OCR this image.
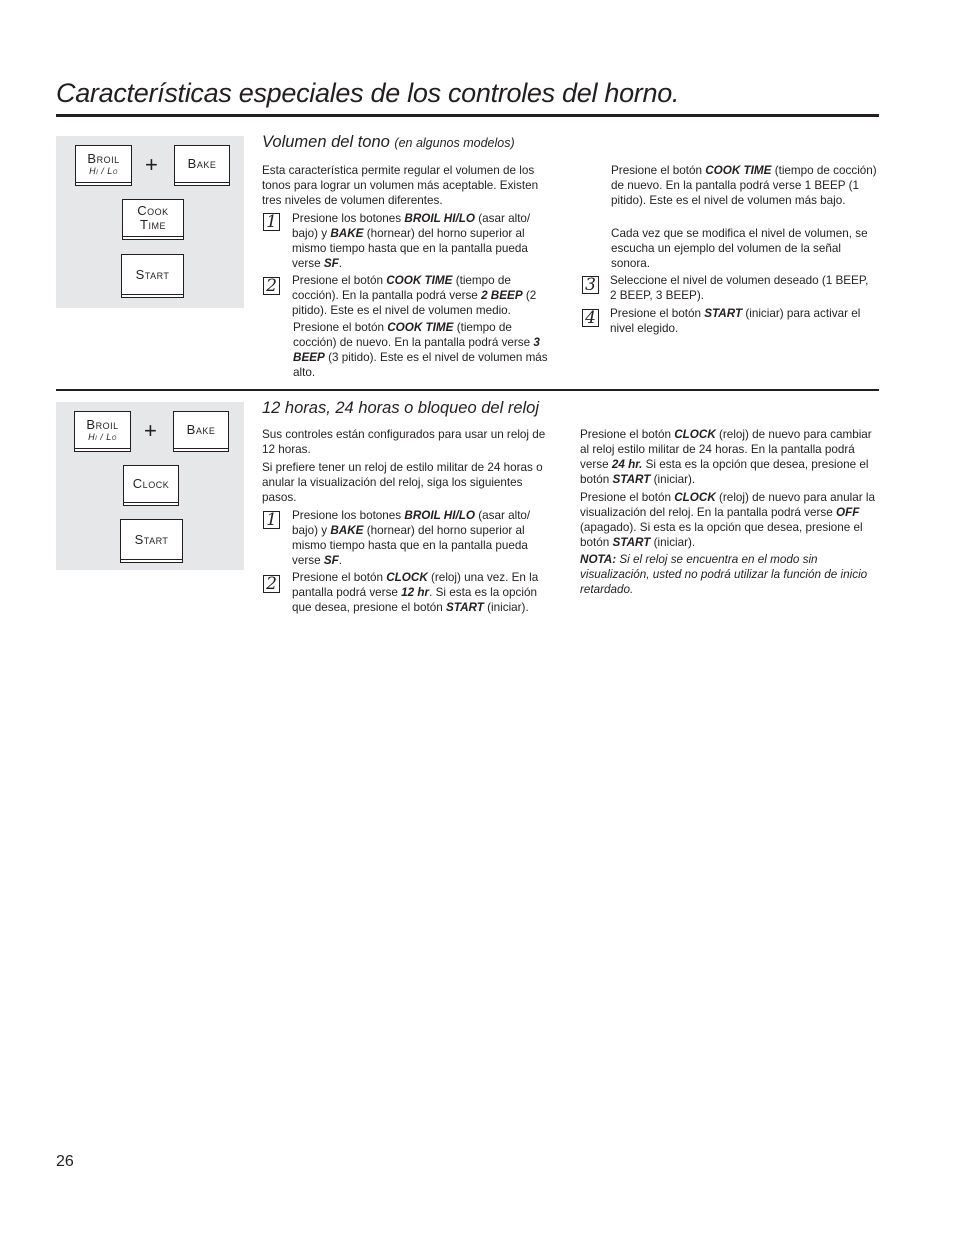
Características especiales de los controles del horno.
Broil
Hi / Lo + Bake
Cook
Time
Start
Volumen del tono (en algunos modelos)

Esta característica permite regular el volumen de los tonos para lograr un volumen más aceptable. Existen tres niveles de volumen diferentes.

1 Presione los botones BROIL HI/LO (asar alto/ bajo) y BAKE (hornear) del horno superior al mismo tiempo hasta que en la pantalla pueda verse SF.

2 Presione el botón COOK TIME (tiempo de cocción). En la pantalla podrá verse 2 BEEP (2 pitido). Este es el nivel de volumen medio.

Presione el botón COOK TIME (tiempo de cocción) de nuevo. En la pantalla podrá verse 3 BEEP (3 pitido). Este es el nivel de volumen más alto.

Presione el botón COOK TIME (tiempo de cocción) de nuevo. En la pantalla podrá verse 1 BEEP (1 pitido). Este es el nivel de volumen más bajo.

Cada vez que se modifica el nivel de volumen, se escucha un ejemplo del volumen de la señal sonora.

3 Seleccione el nivel de volumen deseado (1 BEEP, 2 BEEP, 3 BEEP).

4 Presione el botón START (iniciar) para activar el nivel elegido.

Broil
Hi / Lo + Bake
Clock
Start
12 horas, 24 horas o bloqueo del reloj

Sus controles están configurados para usar un reloj de 12 horas.

Si prefiere tener un reloj de estilo militar de 24 horas o anular la visualización del reloj, siga los siguientes pasos.

1 Presione los botones BROIL HI/LO (asar alto/ bajo) y BAKE (hornear) del horno superior al mismo tiempo hasta que en la pantalla pueda verse SF.

2 Presione el botón CLOCK (reloj) una vez. En la pantalla podrá verse 12 hr. Si esta es la opción que desea, presione el botón START (iniciar).

Presione el botón CLOCK (reloj) de nuevo para cambiar al reloj estilo militar de 24 horas. En la pantalla podrá verse 24 hr. Si esta es la opción que desea, presione el botón START (iniciar).

Presione el botón CLOCK (reloj) de nuevo para anular la visualización del reloj. En la pantalla podrá verse OFF (apagado). Si esta es la opción que desea, presione el botón START (iniciar).

NOTA: Si el reloj se encuentra en el modo sin visualización, usted no podrá utilizar la función de inicio retardado.

26
